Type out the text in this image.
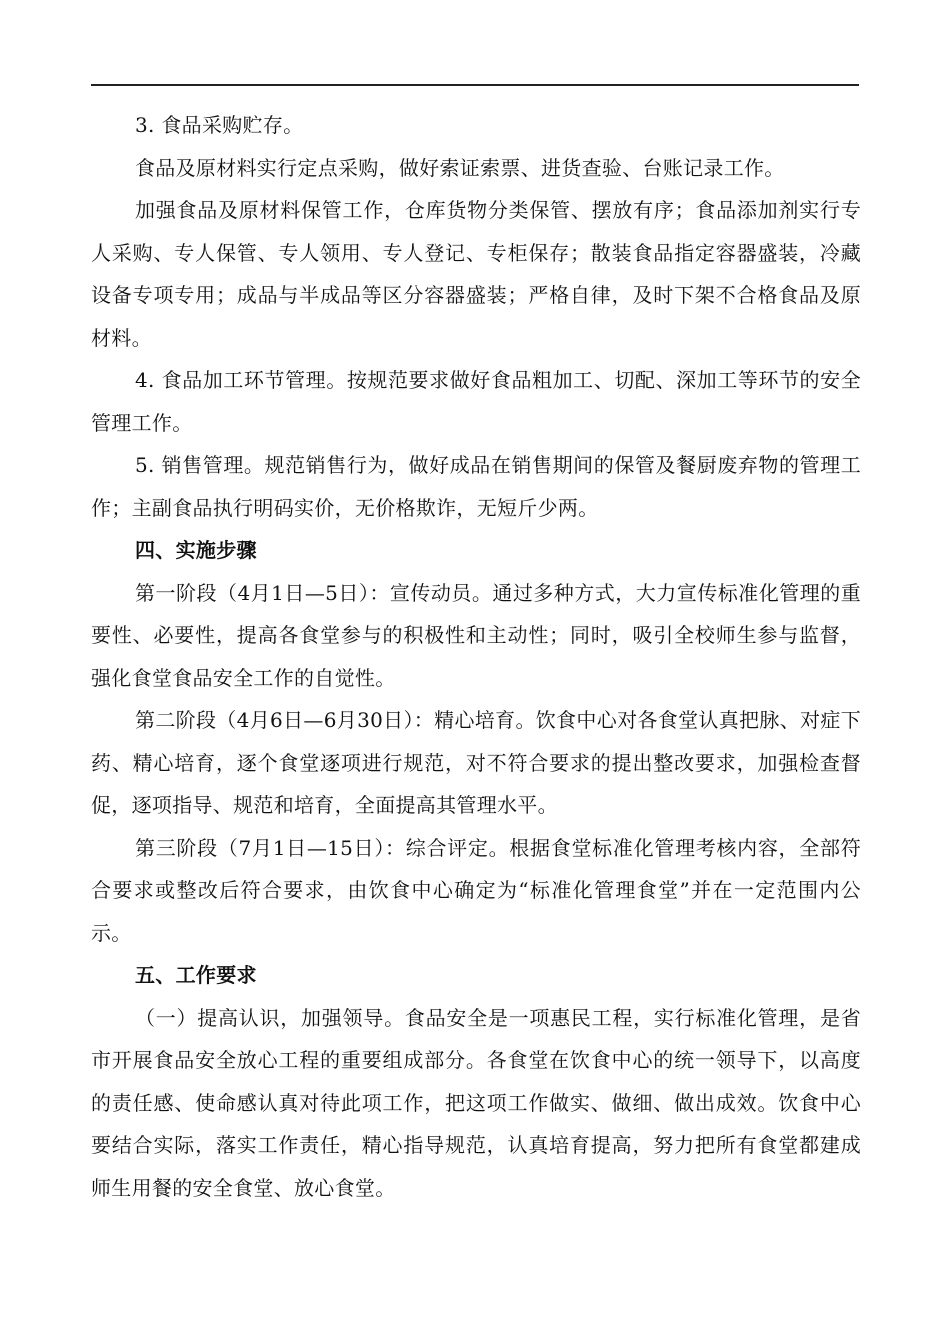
3. 食品采购贮存。

食品及原材料实行定点采购，做好索证索票、进货查验、台账记录工作。

加强食品及原材料保管工作，仓库货物分类保管、摆放有序；食品添加剂实行专人采购、专人保管、专人领用、专人登记、专柜保存；散装食品指定容器盛装，冷藏设备专项专用；成品与半成品等区分容器盛装；严格自律，及时下架不合格食品及原材料。

4. 食品加工环节管理。按规范要求做好食品粗加工、切配、深加工等环节的安全管理工作。

5. 销售管理。规范销售行为，做好成品在销售期间的保管及餐厨废弃物的管理工作；主副食品执行明码实价，无价格欺诈，无短斤少两。

四、实施步骤

第一阶段（4月1日—5日）：宣传动员。通过多种方式，大力宣传标准化管理的重要性、必要性，提高各食堂参与的积极性和主动性；同时，吸引全校师生参与监督，强化食堂食品安全工作的自觉性。

第二阶段（4月6日—6月30日）：精心培育。饮食中心对各食堂认真把脉、对症下药、精心培育，逐个食堂逐项进行规范，对不符合要求的提出整改要求，加强检查督促，逐项指导、规范和培育，全面提高其管理水平。

第三阶段（7月1日—15日）：综合评定。根据食堂标准化管理考核内容，全部符合要求或整改后符合要求，由饮食中心确定为“标准化管理食堂”并在一定范围内公示。

五、工作要求

（一）提高认识，加强领导。食品安全是一项惠民工程，实行标准化管理，是省市开展食品安全放心工程的重要组成部分。各食堂在饮食中心的统一领导下，以高度的责任感、使命感认真对待此项工作，把这项工作做实、做细、做出成效。饮食中心要结合实际，落实工作责任，精心指导规范，认真培育提高，努力把所有食堂都建成师生用餐的安全食堂、放心食堂。
